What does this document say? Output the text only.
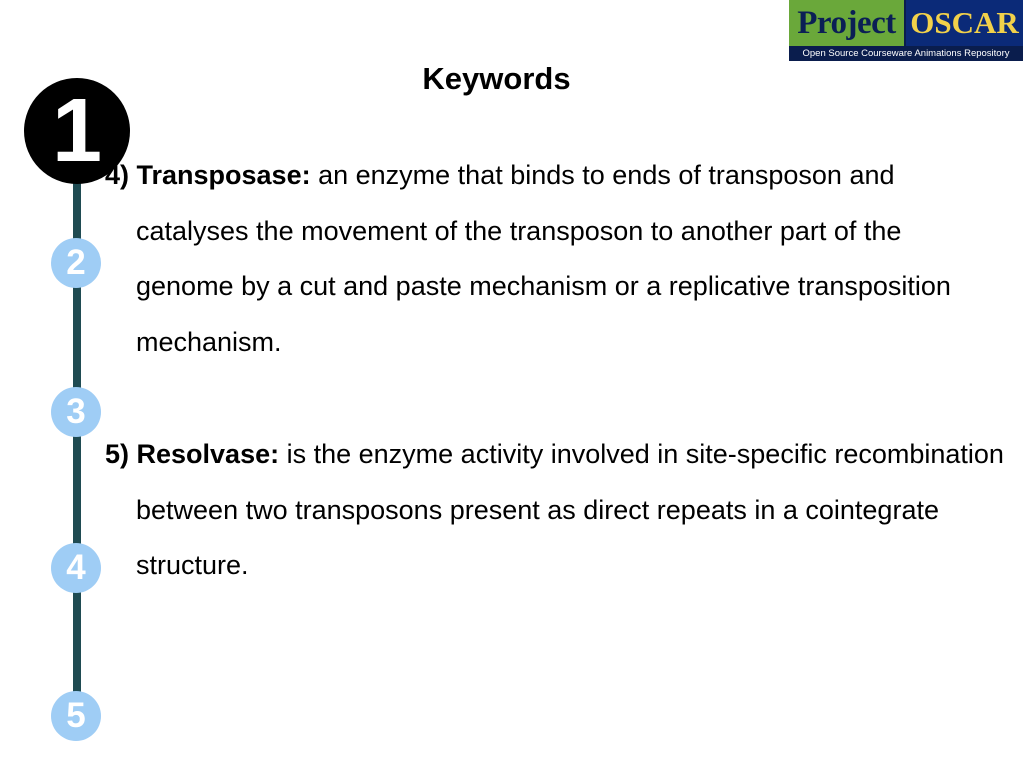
Project OSCAR
Open Source Courseware Animations Repository
Keywords
1
2
3
4
5

4) Transposase: an enzyme that binds to ends of transposon and catalyses the movement of the transposon to another part of the genome by a cut and paste mechanism or a replicative transposition mechanism.

5) Resolvase: is the enzyme activity involved in site-specific recombination between two transposons present as direct repeats in a cointegrate structure.
